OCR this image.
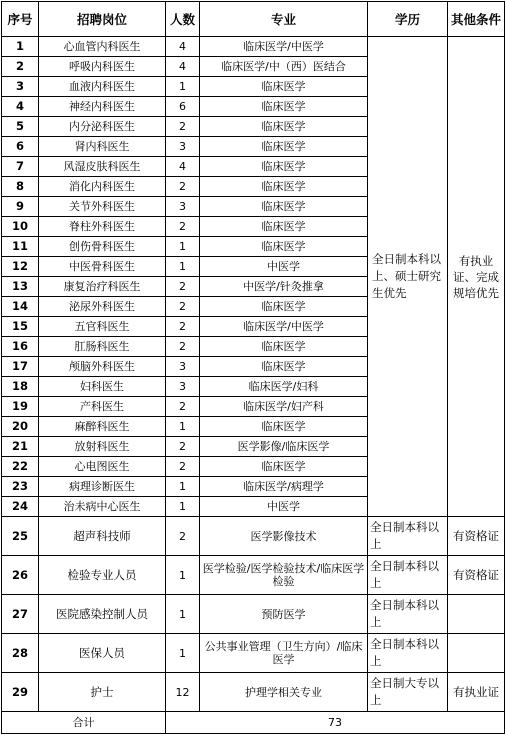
序号	招聘岗位	人数	专业	学历	其他条件
1	心血管内科医生	4	临床医学/中医学	全日制本科以上、硕士研究生优先	有执业证、完成规培优先
2	呼吸内科医生	4	临床医学/中（西）医结合		
3	血液内科医生	1	临床医学		
4	神经内科医生	6	临床医学		
5	内分泌科医生	2	临床医学		
6	肾内科医生	3	临床医学		
7	风湿皮肤科医生	4	临床医学		
8	消化内科医生	2	临床医学		
9	关节外科医生	3	临床医学		
10	脊柱外科医生	2	临床医学		
11	创伤骨科医生	1	临床医学		
12	中医骨科医生	1	中医学		
13	康复治疗科医生	2	中医学/针灸推拿		
14	泌尿外科医生	2	临床医学		
15	五官科医生	2	临床医学/中医学		
16	肛肠科医生	2	临床医学		
17	颅脑外科医生	3	临床医学		
18	妇科医生	3	临床医学/妇科		
19	产科医生	2	临床医学/妇产科		
20	麻醉科医生	1	临床医学		
21	放射科医生	2	医学影像/临床医学		
22	心电图医生	2	临床医学		
23	病理诊断医生	1	临床医学/病理学		
24	治未病中心医生	1	中医学		
25	超声科技师	2	医学影像技术	全日制本科以上	有资格证
26	检验专业人员	1	医学检验/医学检验技术/临床医学检验	全日制本科以上	有资格证
27	医院感染控制人员	1	预防医学	全日制本科以上	
28	医保人员	1	公共事业管理（卫生方向）/临床医学	全日制本科以上	
29	护士	12	护理学相关专业	全日制大专以上	有执业证
合计		73			
